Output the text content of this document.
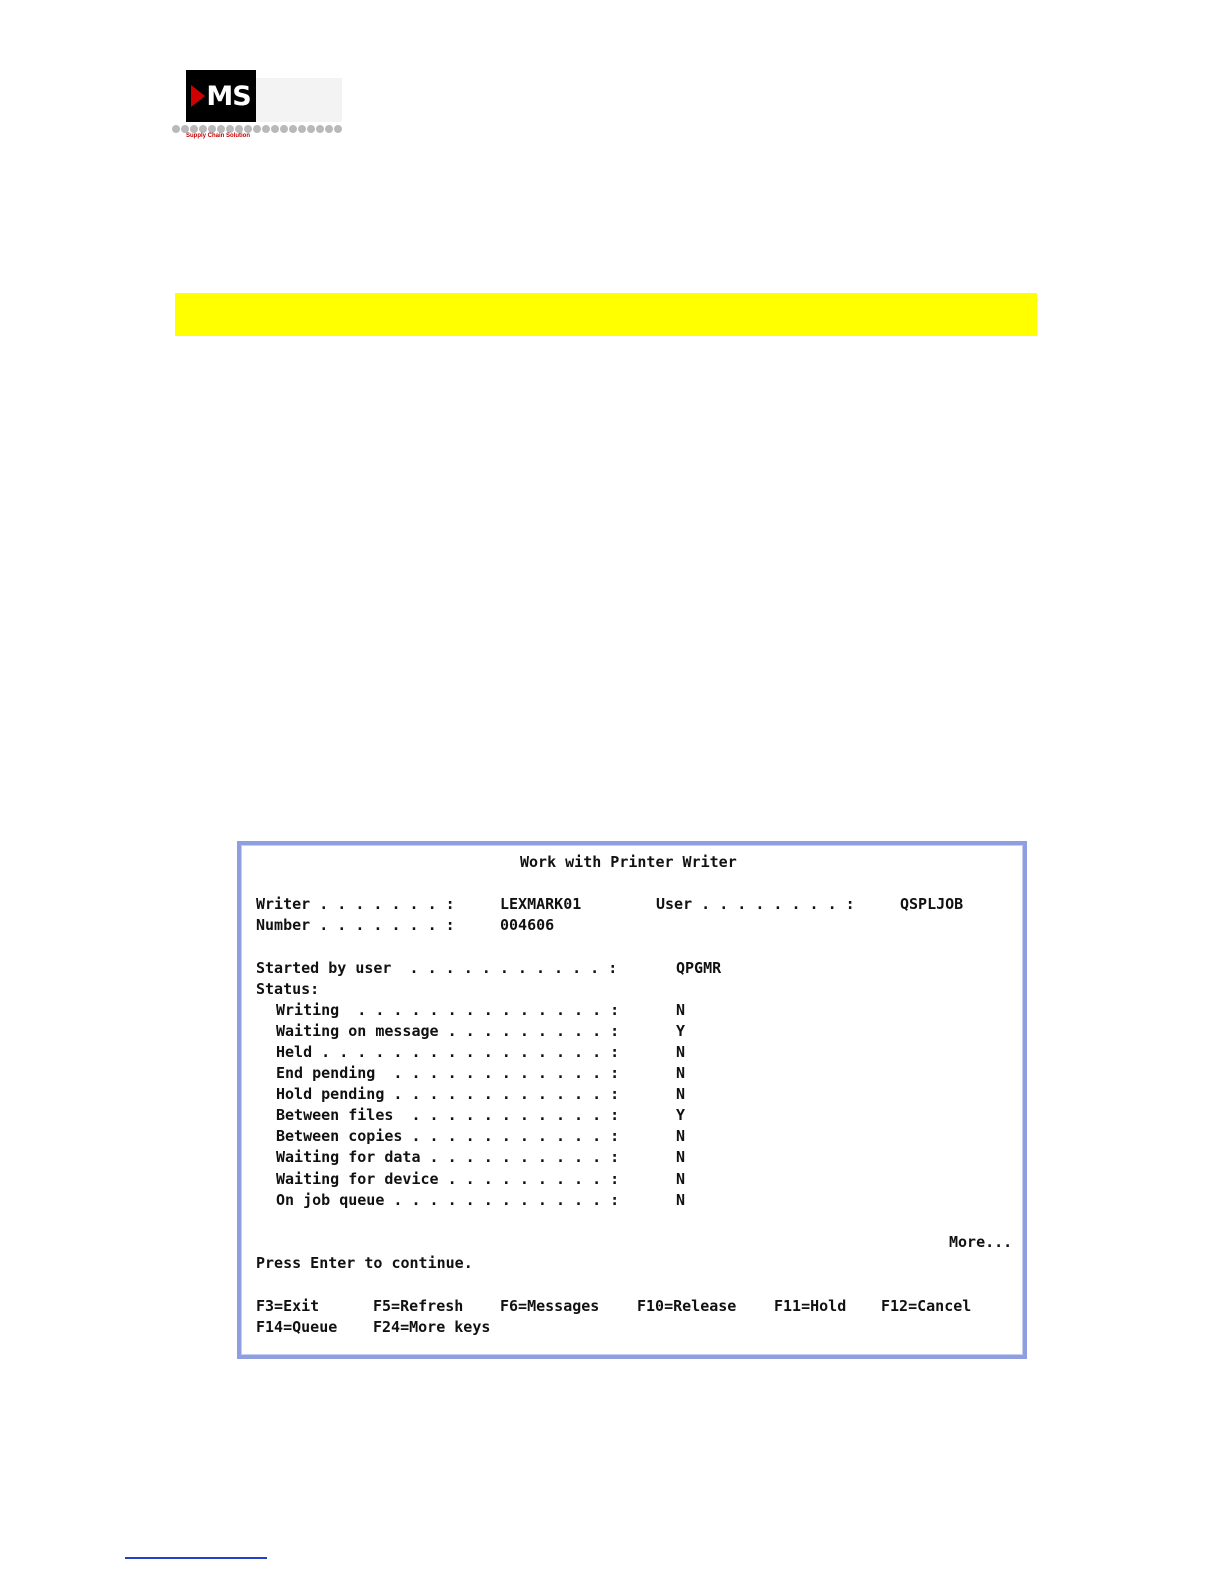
MS
Supply Chain Solution
Work with Printer Writer
Writer . . . . . . . :	LEXMARK01	User . . . . . . . . :	QSPLJOB
Number . . . . . . . :	004606
Started by user  . . . . . . . . . . . :	QPGMR
Status:
Writing  . . . . . . . . . . . . . . :	N
Waiting on message . . . . . . . . . :	Y
Held . . . . . . . . . . . . . . . . :	N
End pending  . . . . . . . . . . . . :	N
Hold pending . . . . . . . . . . . . :	N
Between files  . . . . . . . . . . . :	Y
Between copies . . . . . . . . . . . :	N
Waiting for data . . . . . . . . . . :	N
Waiting for device . . . . . . . . . :	N
On job queue . . . . . . . . . . . . :	N
More...
Press Enter to continue.
F3=Exit	F5=Refresh F6=Messages	F10=Release	F11=Hold F12=Cancel
F14=Queue F24=More keys
